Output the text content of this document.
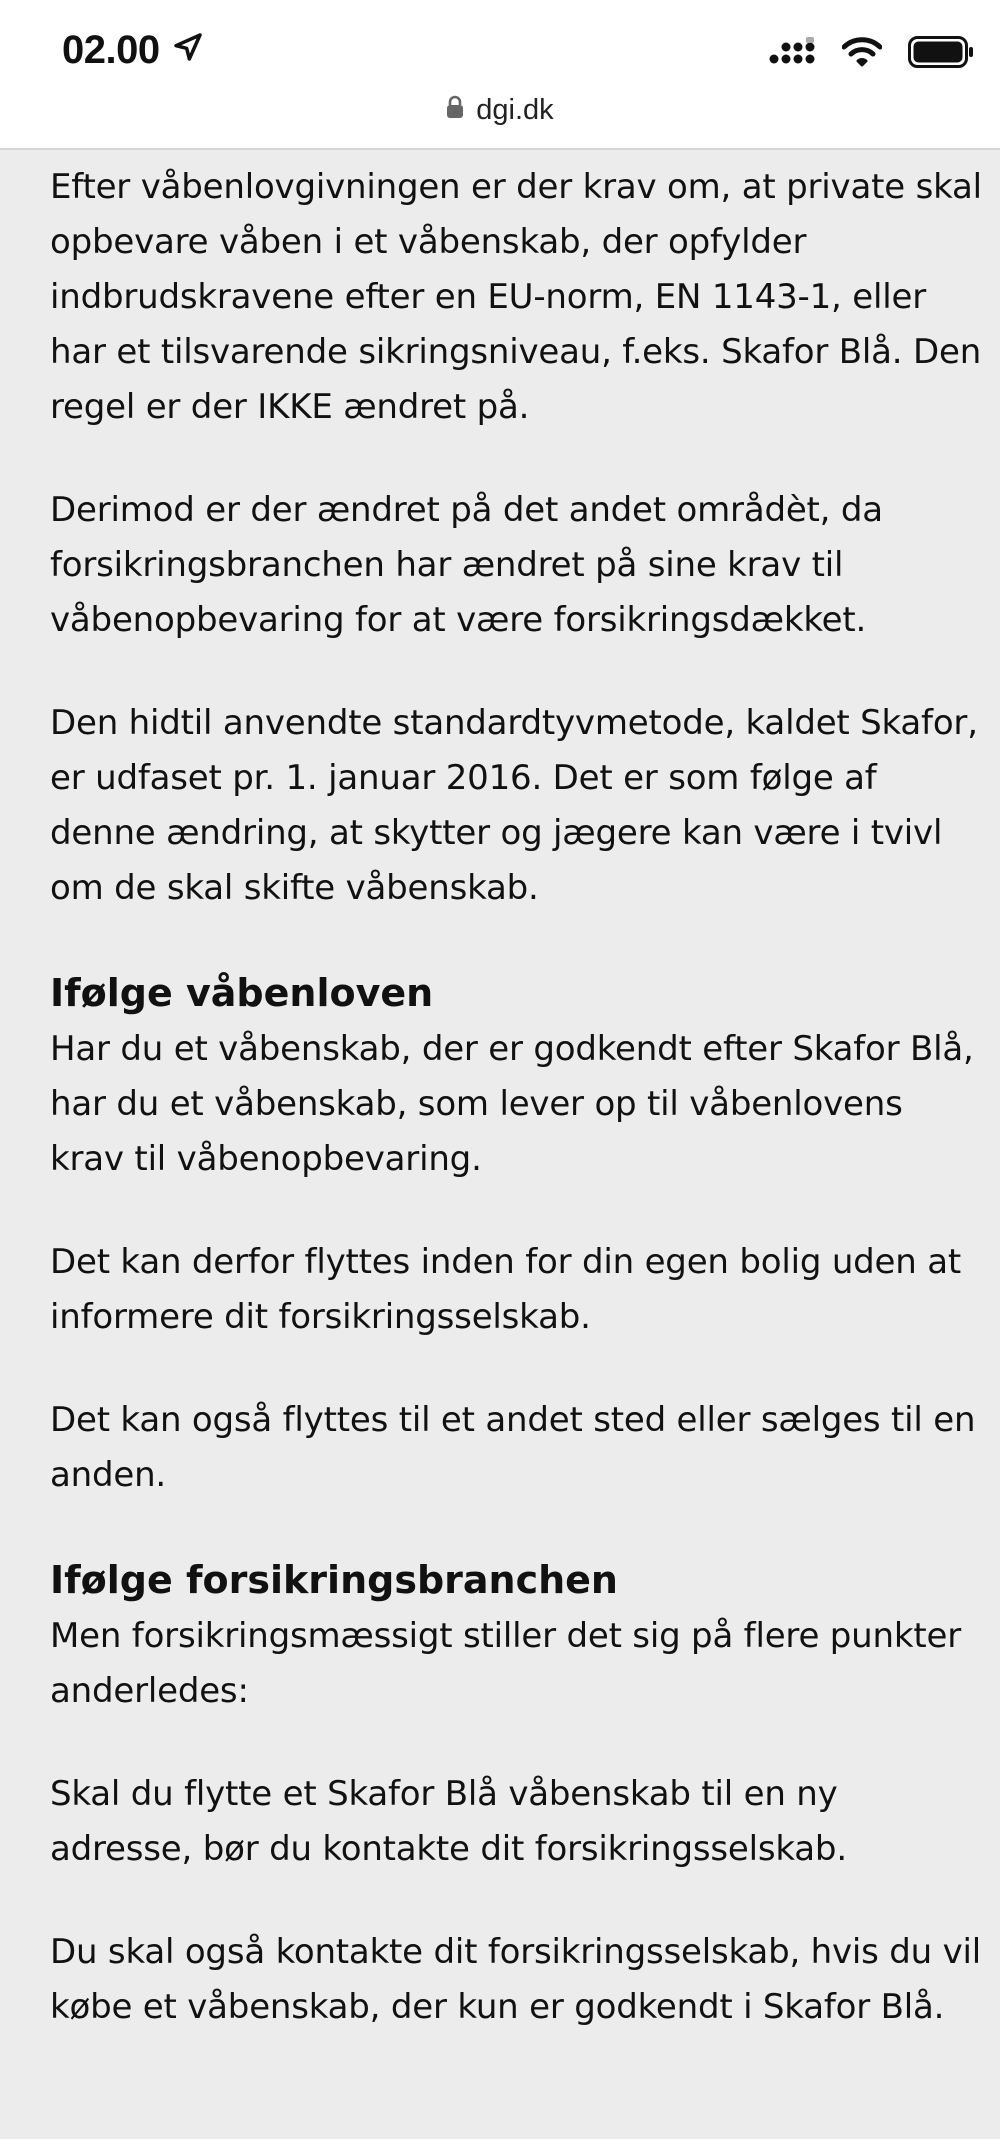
02.00
dgi.dk

Efter våbenlovgivningen er der krav om, at private skal opbevare våben i et våbenskab, der opfylder indbrudskravene efter en EU-norm, EN 1143-1, eller har et tilsvarende sikringsniveau, f.eks. Skafor Blå. Den regel er der IKKE ændret på.

Derimod er der ændret på det andet områdèt, da forsikringsbranchen har ændret på sine krav til våbenopbevaring for at være forsikringsdækket.

Den hidtil anvendte standardtyvmetode, kaldet Skafor, er udfaset pr. 1. januar 2016. Det er som følge af denne ændring, at skytter og jægere kan være i tvivl om de skal skifte våbenskab.

Ifølge våbenloven

Har du et våbenskab, der er godkendt efter Skafor Blå, har du et våbenskab, som lever op til våbenlovens krav til våbenopbevaring.

Det kan derfor flyttes inden for din egen bolig uden at informere dit forsikringsselskab.

Det kan også flyttes til et andet sted eller sælges til en anden.

Ifølge forsikringsbranchen

Men forsikringsmæssigt stiller det sig på flere punkter anderledes:

Skal du flytte et Skafor Blå våbenskab til en ny adresse, bør du kontakte dit forsikringsselskab.

Du skal også kontakte dit forsikringsselskab, hvis du vil købe et våbenskab, der kun er godkendt i Skafor Blå.
